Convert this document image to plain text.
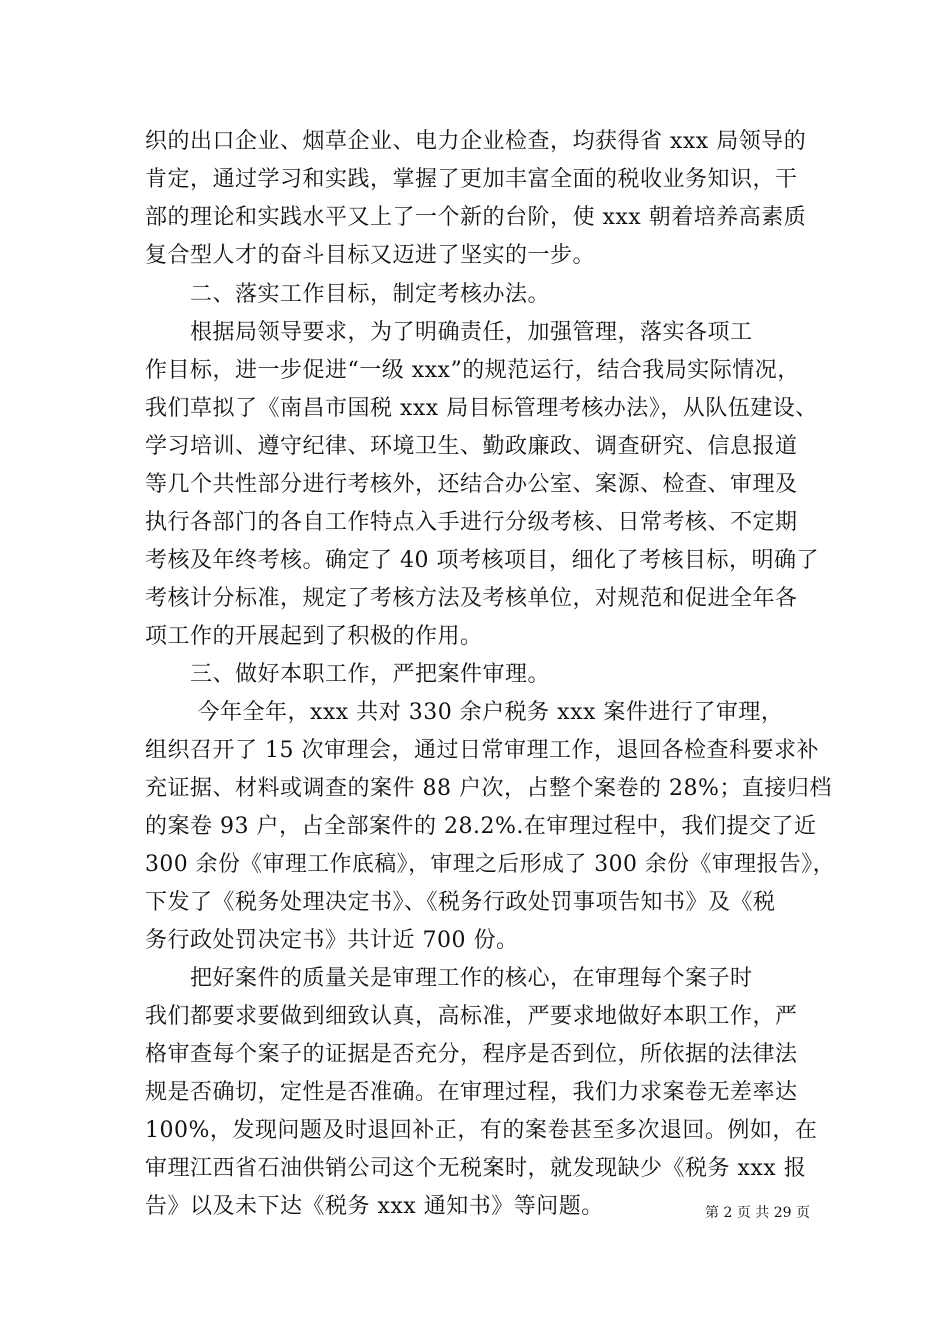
织的出口企业、烟草企业、电力企业检查，均获得省 xxx 局领导的
肯定，通过学习和实践，掌握了更加丰富全面的税收业务知识，干
部的理论和实践水平又上了一个新的台阶，使 xxx 朝着培养高素质
复合型人才的奋斗目标又迈进了坚实的一步。
　　二、落实工作目标，制定考核办法。
　　根据局领导要求，为了明确责任，加强管理，落实各项工
作目标，进一步促进“一级 xxx”的规范运行，结合我局实际情况，
我们草拟了《南昌市国税 xxx 局目标管理考核办法》，从队伍建设、
学习培训、遵守纪律、环境卫生、勤政廉政、调查研究、信息报道
等几个共性部分进行考核外，还结合办公室、案源、检查、审理及
执行各部门的各自工作特点入手进行分级考核、日常考核、不定期
考核及年终考核。确定了 40 项考核项目，细化了考核目标，明确了
考核计分标准，规定了考核方法及考核单位，对规范和促进全年各
项工作的开展起到了积极的作用。
　　三、做好本职工作，严把案件审理。
　　 今年全年，xxx 共对 330 余户税务 xxx 案件进行了审理，
组织召开了 15 次审理会，通过日常审理工作，退回各检查科要求补
充证据、材料或调查的案件 88 户次，占整个案卷的 28%；直接归档
的案卷 93 户，占全部案件的 28.2%.在审理过程中，我们提交了近
300 余份《审理工作底稿》，审理之后形成了 300 余份《审理报告》，
下发了《税务处理决定书》、《税务行政处罚事项告知书》及《税
务行政处罚决定书》共计近 700 份。
　　把好案件的质量关是审理工作的核心，在审理每个案子时
我们都要求要做到细致认真，高标准，严要求地做好本职工作，严
格审查每个案子的证据是否充分，程序是否到位，所依据的法律法
规是否确切，定性是否准确。在审理过程，我们力求案卷无差率达
100%，发现问题及时退回补正，有的案卷甚至多次退回。例如，在
审理江西省石油供销公司这个无税案时，就发现缺少《税务 xxx 报
告》以及未下达《税务 xxx 通知书》等问题。	第 2 页 共 29 页
